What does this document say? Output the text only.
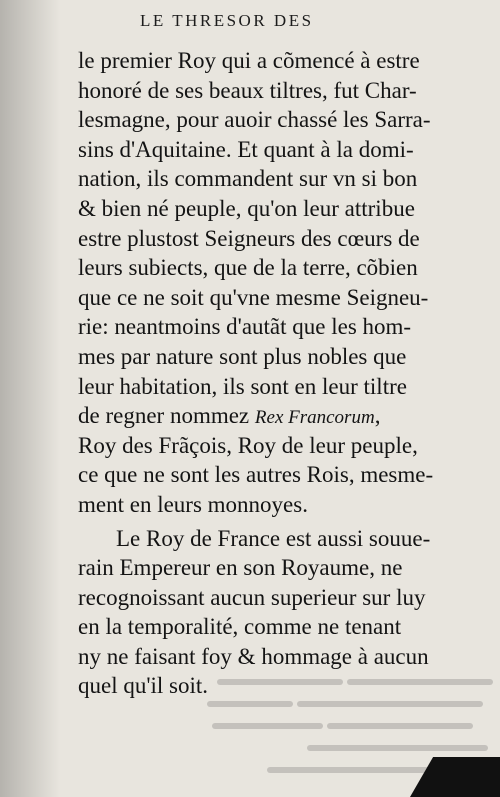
LE THRESOR DES
le premier Roy qui a cõmencé à estre
honoré de ses beaux tiltres, fut Char-
lesmagne, pour auoir chassé les Sarra-
sins d'Aquitaine. Et quant à la domi-
nation, ils commandent sur vn si bon
& bien né peuple, qu'on leur attribue
estre plustost Seigneurs des cœurs de
leurs subiects, que de la terre, cõbien
que ce ne soit qu'vne mesme Seigneu-
rie: neantmoins d'autãt que les hom-
mes par nature sont plus nobles que
leur habitation, ils sont en leur tiltre
de regner nommez Rex Francorum,
Roy des Frãçois, Roy de leur peuple,
ce que ne sont les autres Rois, mesme-
ment en leurs monnoyes.
Le Roy de France est aussi souue-
rain Empereur en son Royaume, ne
recognoissant aucun superieur sur luy
en la temporalité, comme ne tenant
ny ne faisant foy & hommage à aucun
quel qu'il soit.
